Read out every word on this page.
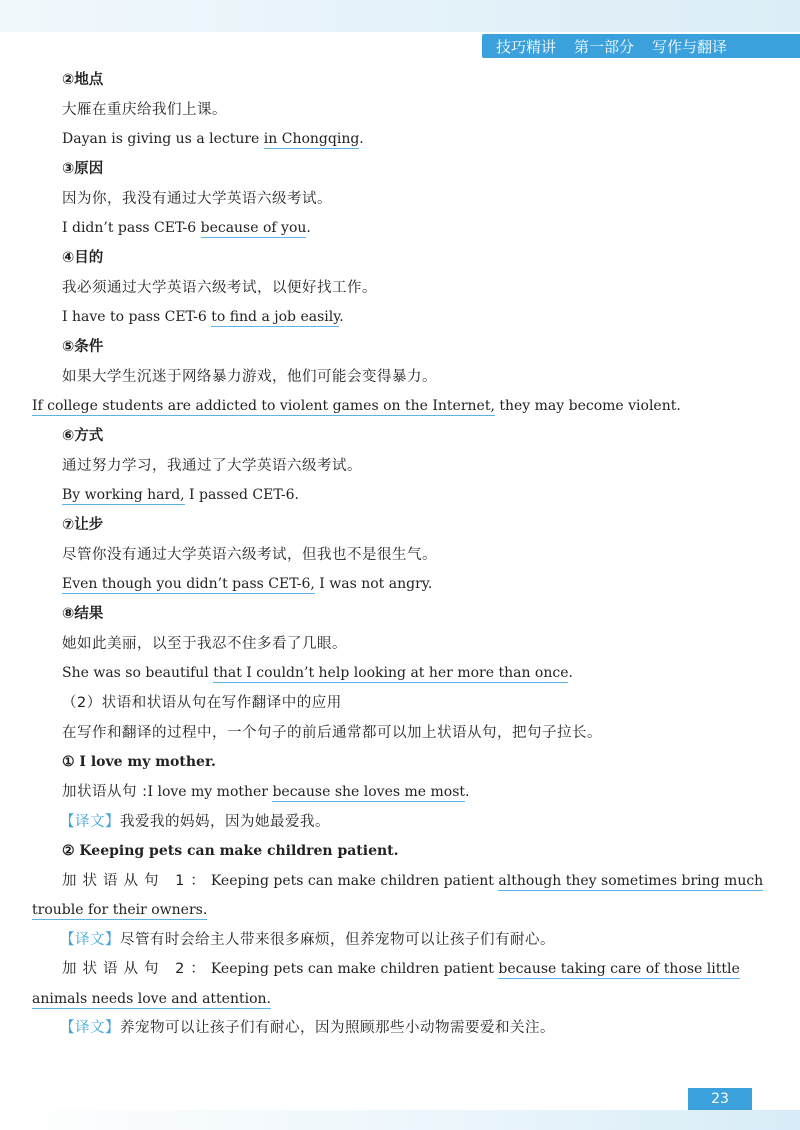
技巧精讲 第一部分 写作与翻译
②地点
大雁在重庆给我们上课。
Dayan is giving us a lecture in Chongqing.
③原因
因为你，我没有通过大学英语六级考试。
I didn’t pass CET-6 because of you.
④目的
我必须通过大学英语六级考试，以便好找工作。
I have to pass CET-6 to find a job easily.
⑤条件
如果大学生沉迷于网络暴力游戏，他们可能会变得暴力。
If college students are addicted to violent games on the Internet, they may become violent.
⑥方式
通过努力学习，我通过了大学英语六级考试。
By working hard, I passed CET-6.
⑦让步
尽管你没有通过大学英语六级考试，但我也不是很生气。
Even though you didn’t pass CET-6, I was not angry.
⑧结果
她如此美丽，以至于我忍不住多看了几眼。
She was so beautiful that I couldn’t help looking at her more than once.
（2）状语和状语从句在写作翻译中的应用
在写作和翻译的过程中，一个句子的前后通常都可以加上状语从句，把句子拉长。
① I love my mother.
加状语从句 :I love my mother because she loves me most.
【译文】我爱我的妈妈，因为她最爱我。
② Keeping pets can make children patient.
加状语从句 1：Keeping pets can make children patient although they sometimes bring much
trouble for their owners.
【译文】尽管有时会给主人带来很多麻烦，但养宠物可以让孩子们有耐心。
加状语从句 2：Keeping pets can make children patient because taking care of those little
animals needs love and attention.
【译文】养宠物可以让孩子们有耐心，因为照顾那些小动物需要爱和关注。
23
